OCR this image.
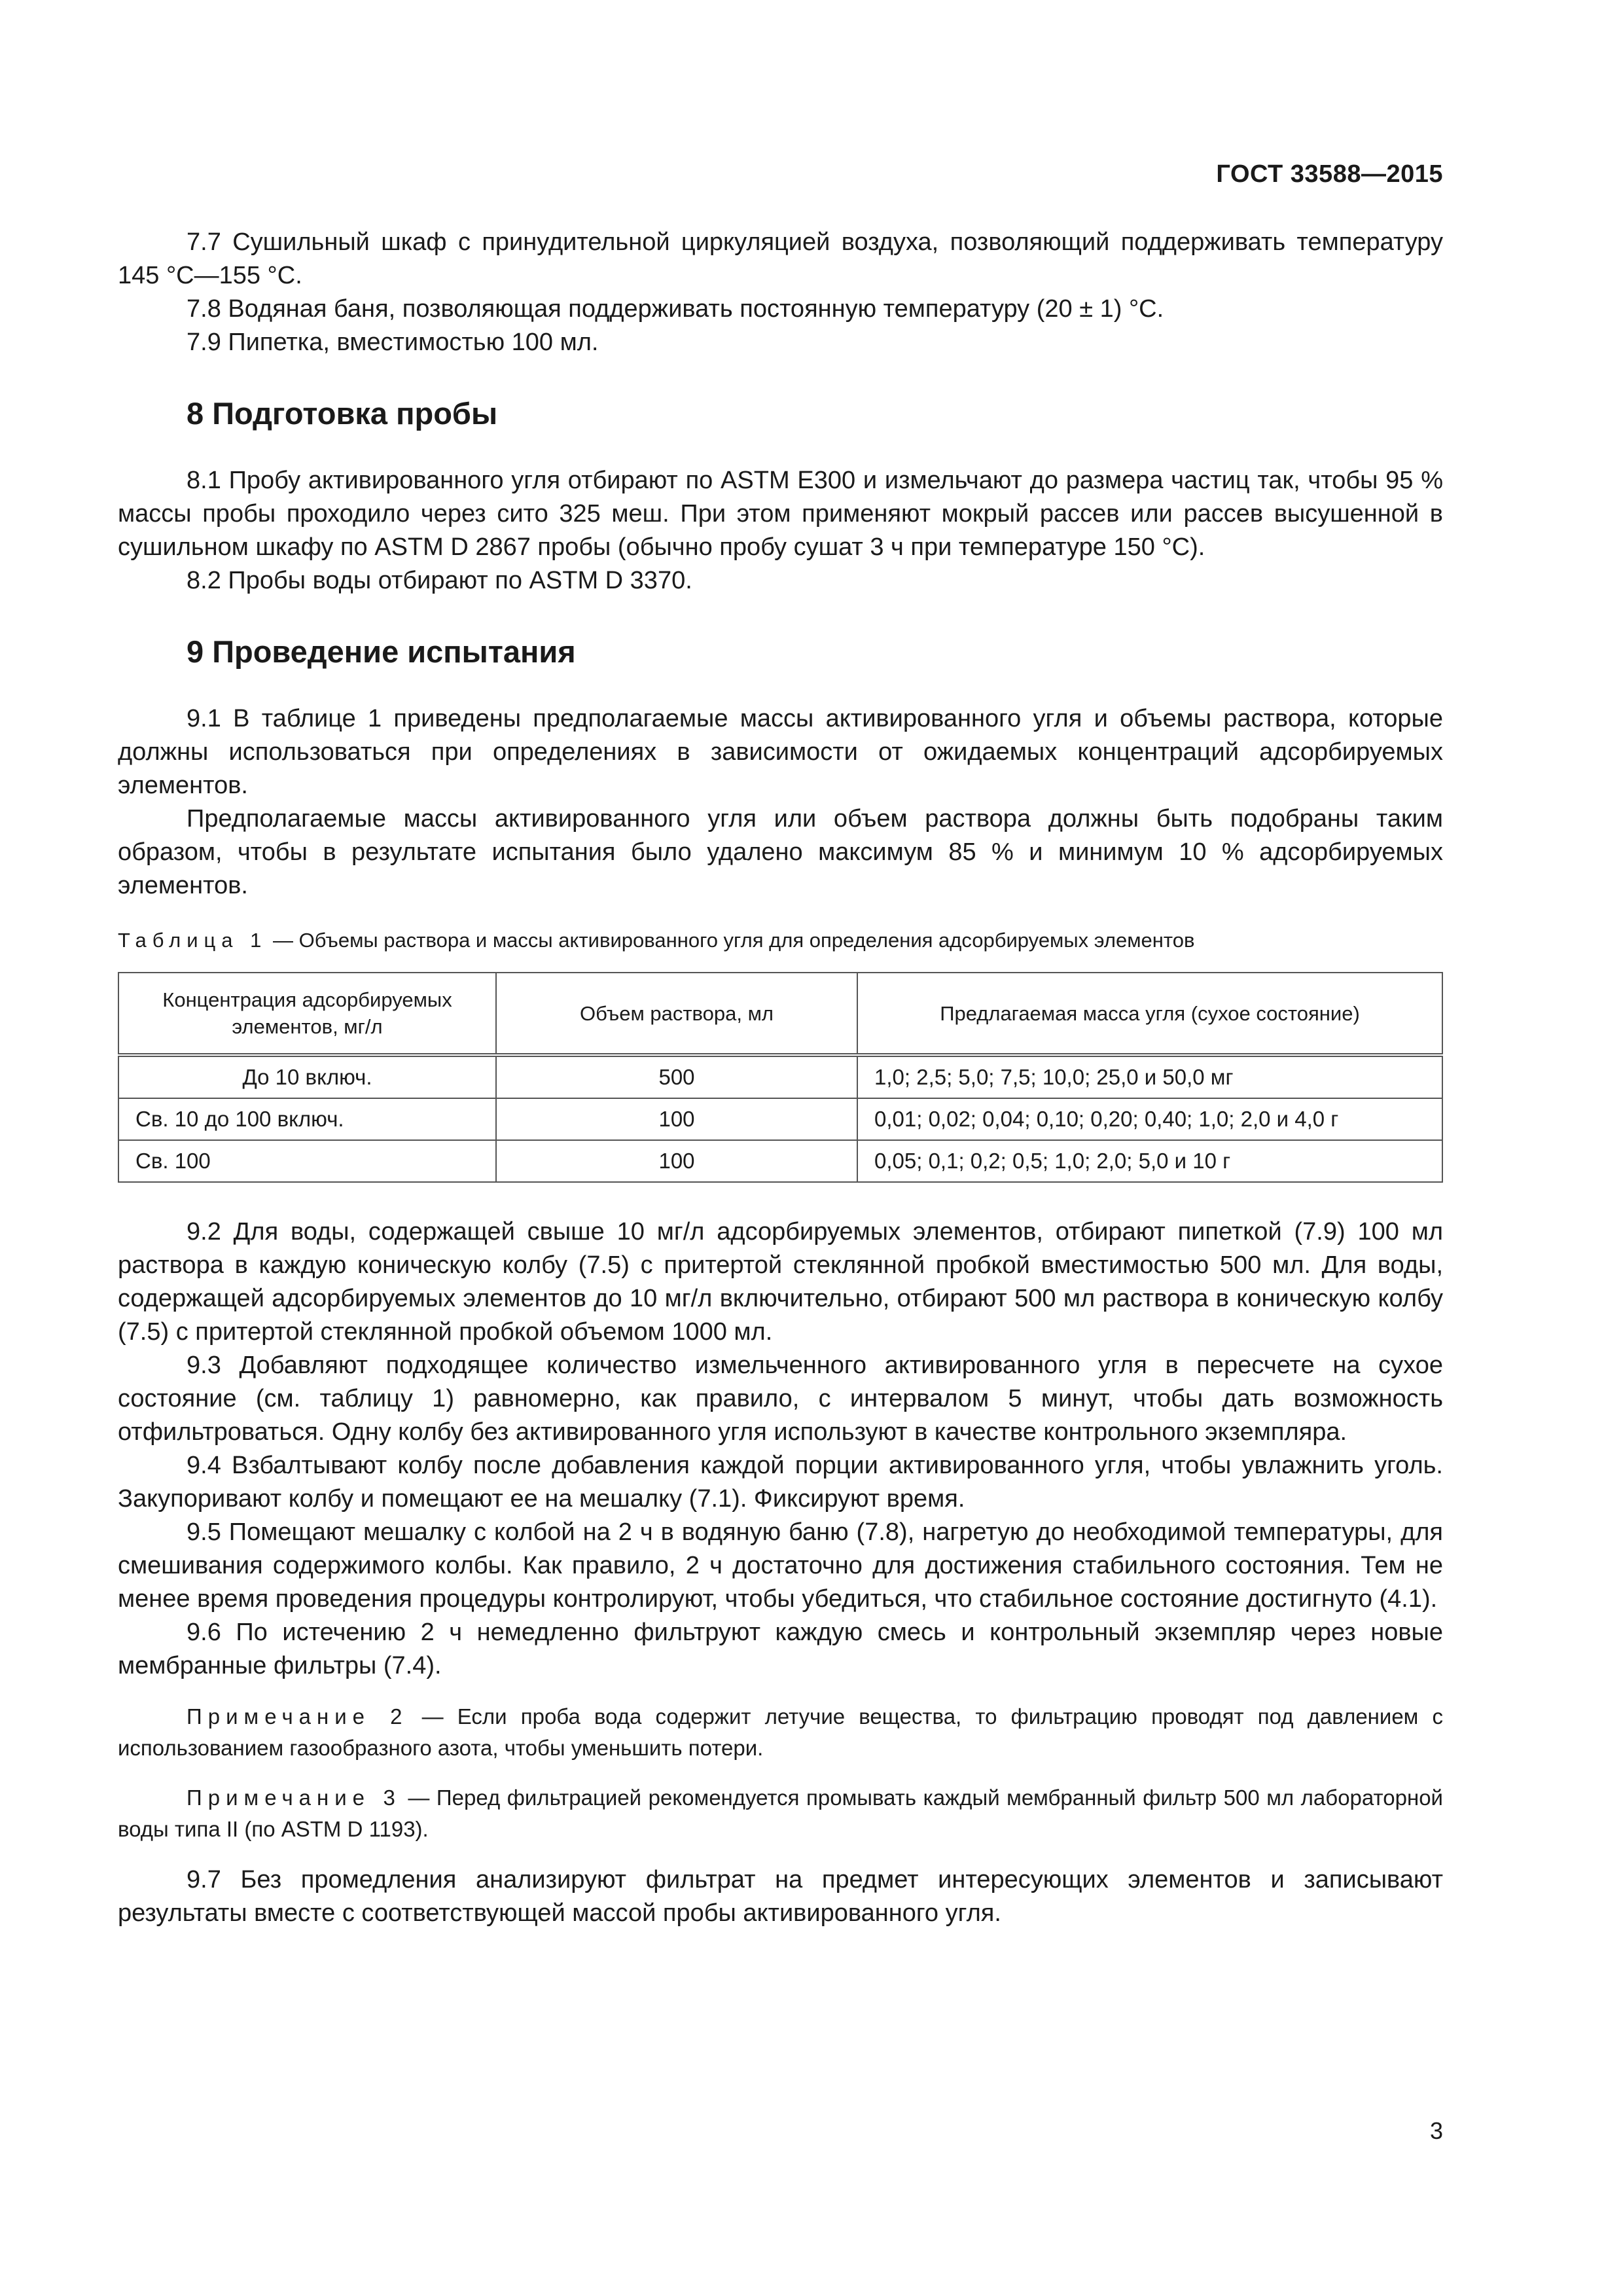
ГОСТ 33588—2015

7.7 Сушильный шкаф с принудительной циркуляцией воздуха, позволяющий поддерживать температуру 145 °С—155 °С.

7.8 Водяная баня, позволяющая поддерживать постоянную температуру (20 ± 1) °С.

7.9 Пипетка, вместимостью 100 мл.

8 Подготовка пробы

8.1 Пробу активированного угля отбирают по ASTM E300 и измельчают до размера частиц так, чтобы 95 % массы пробы проходило через сито 325 меш. При этом применяют мокрый рассев или рассев высушенной в сушильном шкафу по ASTM D 2867 пробы (обычно пробу сушат 3 ч при температуре 150 °С).

8.2 Пробы воды отбирают по ASTM D 3370.

9 Проведение испытания

9.1 В таблице 1 приведены предполагаемые массы активированного угля и объемы раствора, которые должны использоваться при определениях в зависимости от ожидаемых концентраций адсорбируемых элементов.

Предполагаемые массы активированного угля или объем раствора должны быть подобраны таким образом, чтобы в результате испытания было удалено максимум 85 % и минимум 10 % адсорбируемых элементов.

Таблица 1 — Объемы раствора и массы активированного угля для определения адсорбируемых элементов
Концентрация адсорбируемых элементов, мг/л	Объем раствора, мл	Предлагаемая масса угля (сухое состояние)
До 10 включ.	500	1,0; 2,5; 5,0; 7,5; 10,0; 25,0 и 50,0 мг
Св. 10 до 100 включ.	100	0,01; 0,02; 0,04; 0,10; 0,20; 0,40; 1,0; 2,0 и 4,0 г
Св. 100	100	0,05; 0,1; 0,2; 0,5; 1,0; 2,0; 5,0 и 10 г

9.2 Для воды, содержащей свыше 10 мг/л адсорбируемых элементов, отбирают пипеткой (7.9) 100 мл раствора в каждую коническую колбу (7.5) с притертой стеклянной пробкой вместимостью 500 мл. Для воды, содержащей адсорбируемых элементов до 10 мг/л включительно, отбирают 500 мл раствора в коническую колбу (7.5) с притертой стеклянной пробкой объемом 1000 мл.

9.3 Добавляют подходящее количество измельченного активированного угля в пересчете на сухое состояние (см. таблицу 1) равномерно, как правило, с интервалом 5 минут, чтобы дать возможность отфильтроваться. Одну колбу без активированного угля используют в качестве контрольного экземпляра.

9.4 Взбалтывают колбу после добавления каждой порции активированного угля, чтобы увлажнить уголь. Закупоривают колбу и помещают ее на мешалку (7.1). Фиксируют время.

9.5 Помещают мешалку с колбой на 2 ч в водяную баню (7.8), нагретую до необходимой температуры, для смешивания содержимого колбы. Как правило, 2 ч достаточно для достижения стабильного состояния. Тем не менее время проведения процедуры контролируют, чтобы убедиться, что стабильное состояние достигнуто (4.1).

9.6 По истечению 2 ч немедленно фильтруют каждую смесь и контрольный экземпляр через новые мембранные фильтры (7.4).

Примечание 2 — Если проба вода содержит летучие вещества, то фильтрацию проводят под давлением с использованием газообразного азота, чтобы уменьшить потери.

Примечание 3 — Перед фильтрацией рекомендуется промывать каждый мембранный фильтр 500 мл лабораторной воды типа II (по ASTM D 1193).

9.7 Без промедления анализируют фильтрат на предмет интересующих элементов и записывают результаты вместе с соответствующей массой пробы активированного угля.

3
